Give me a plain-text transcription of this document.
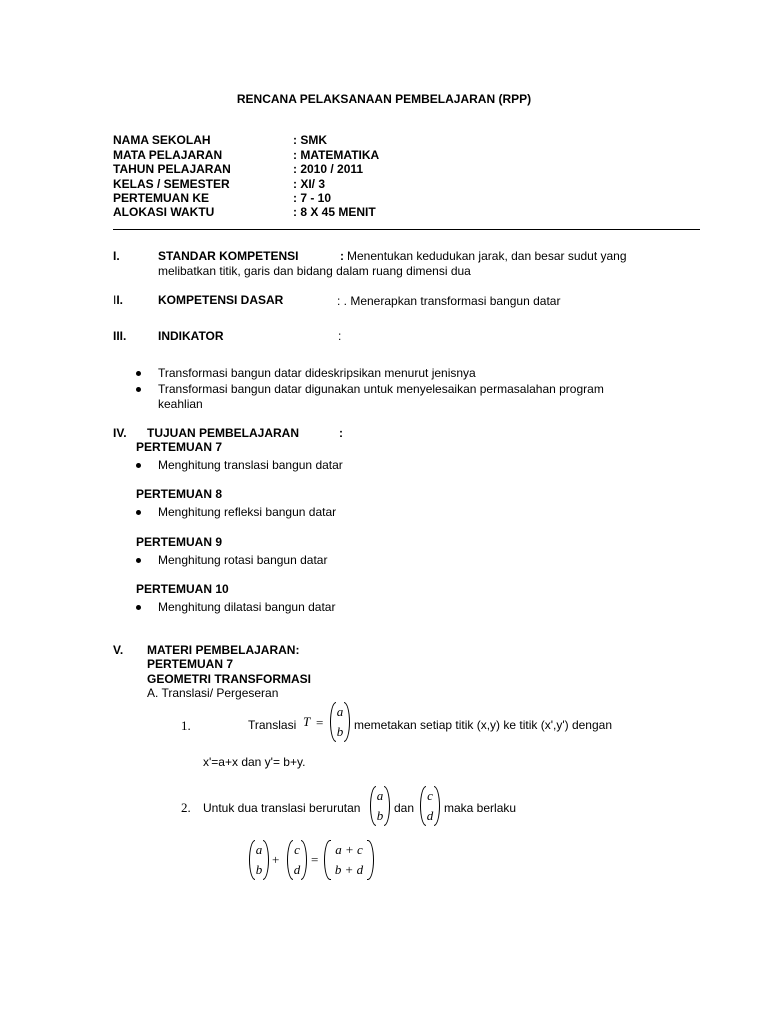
RENCANA PELAKSANAAN PEMBELAJARAN (RPP)
NAMA SEKOLAH	: SMK
MATA PELAJARAN	: MATEMATIKA
TAHUN PELAJARAN	: 2010 / 2011
KELAS / SEMESTER	: XI/ 3
PERTEMUAN KE	: 7 - 10
ALOKASI WAKTU	: 8 X 45 MENIT
I.	STANDAR KOMPETENSI	: Menentukan kedudukan jarak, dan besar sudut yang
melibatkan titik, garis dan bidang dalam ruang dimensi dua
II.	KOMPETENSI DASAR	: . Menerapkan transformasi bangun datar
III.	INDIKATOR	:
Transformasi bangun datar dideskripsikan menurut jenisnya
Transformasi bangun datar digunakan untuk menyelesaikan permasalahan program
keahlian
IV. TUJUAN PEMBELAJARAN	:
PERTEMUAN 7
Menghitung translasi bangun datar
PERTEMUAN 8
Menghitung refleksi bangun datar
PERTEMUAN 9
Menghitung rotasi bangun datar
PERTEMUAN 10
Menghitung dilatasi bangun datar
V. MATERI PEMBELAJARAN:
PERTEMUAN 7
GEOMETRI TRANSFORMASI
A. Translasi/ Pergeseran
1.	Translasi T =
a
b memetakan setiap titik (x,y) ke titik (x',y') dengan
x'=a+x dan y'= b+y.
2. Untuk dua translasi berurutan
a
b dan
c
d maka berlaku
a
b
+
c
d
=
a + c
b + d
